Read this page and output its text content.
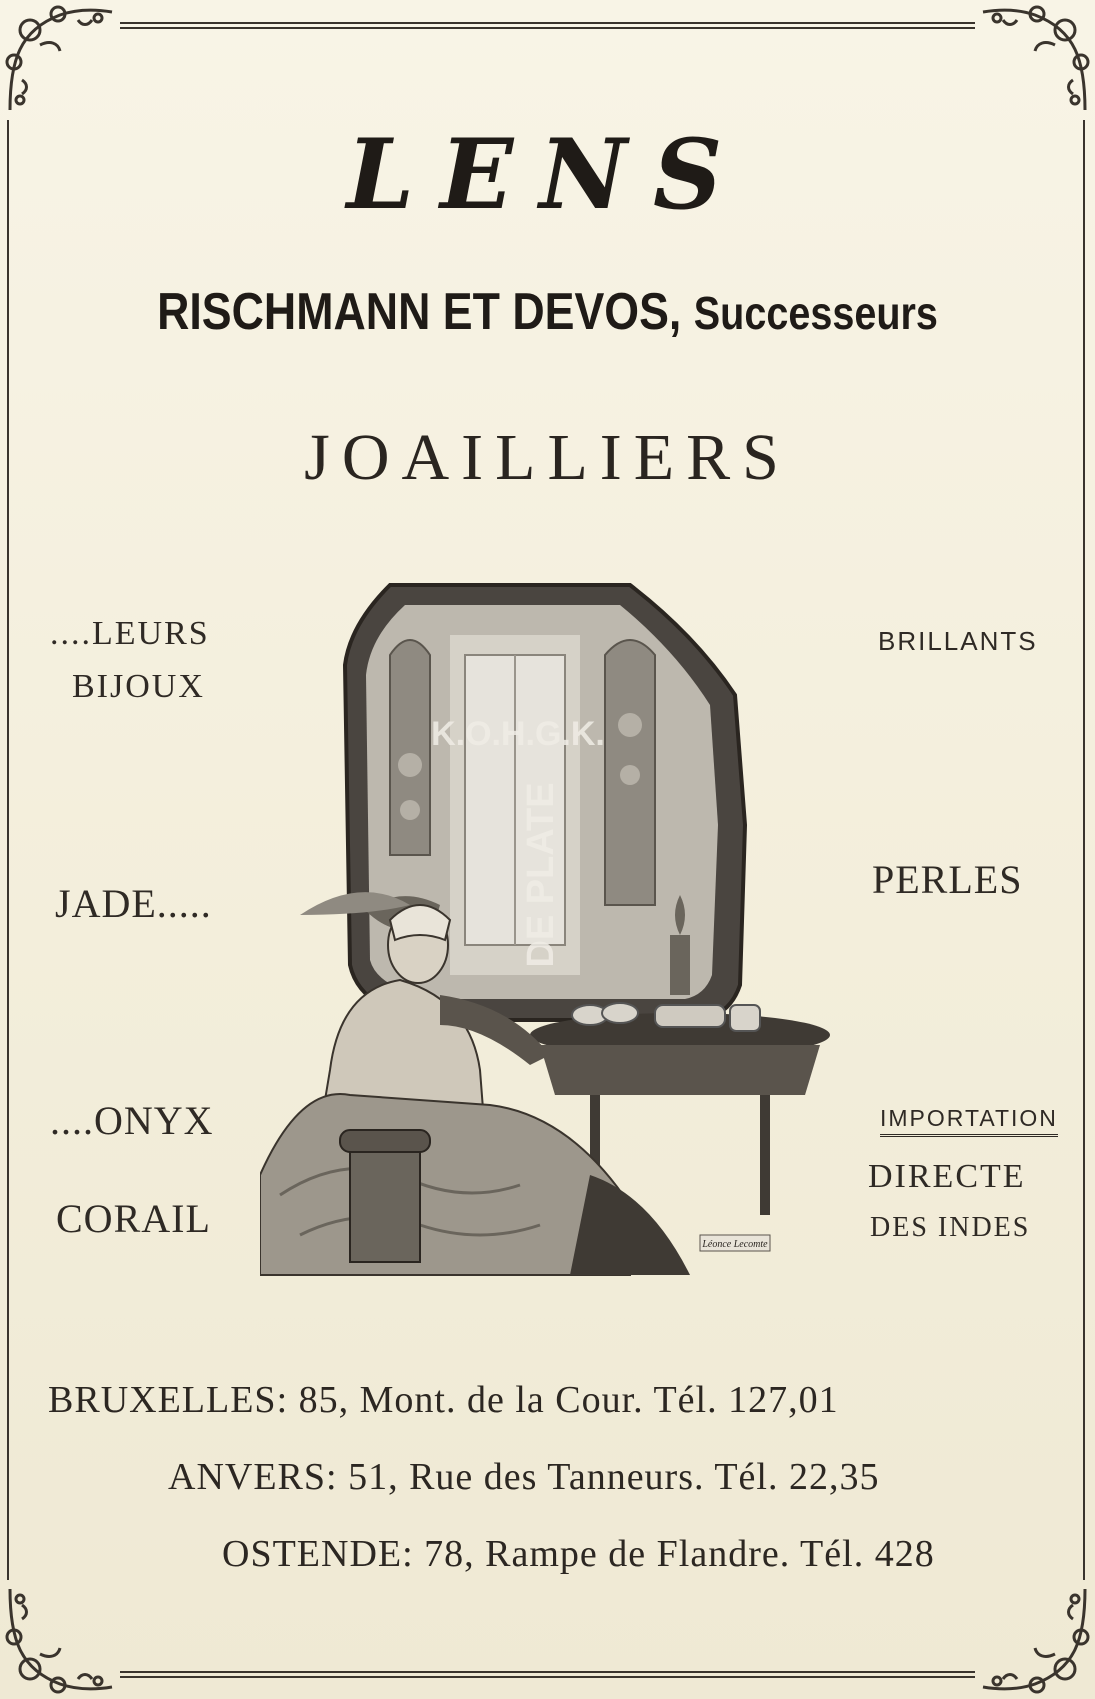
LENS
RISCHMANN ET DEVOS, Successeurs
JOAILLIERS
....LEURS
BIJOUX
JADE.....
....ONYX
CORAIL
BRILLANTS
PERLES
IMPORTATION
DIRECTE
DES INDES
K.O.H.G.K.
DE PLATE
Léonce Lecomte
BRUXELLES: 85, Mont. de la Cour. Tél. 127,01
ANVERS: 51, Rue des Tanneurs. Tél. 22,35
OSTENDE: 78, Rampe de Flandre. Tél. 428
